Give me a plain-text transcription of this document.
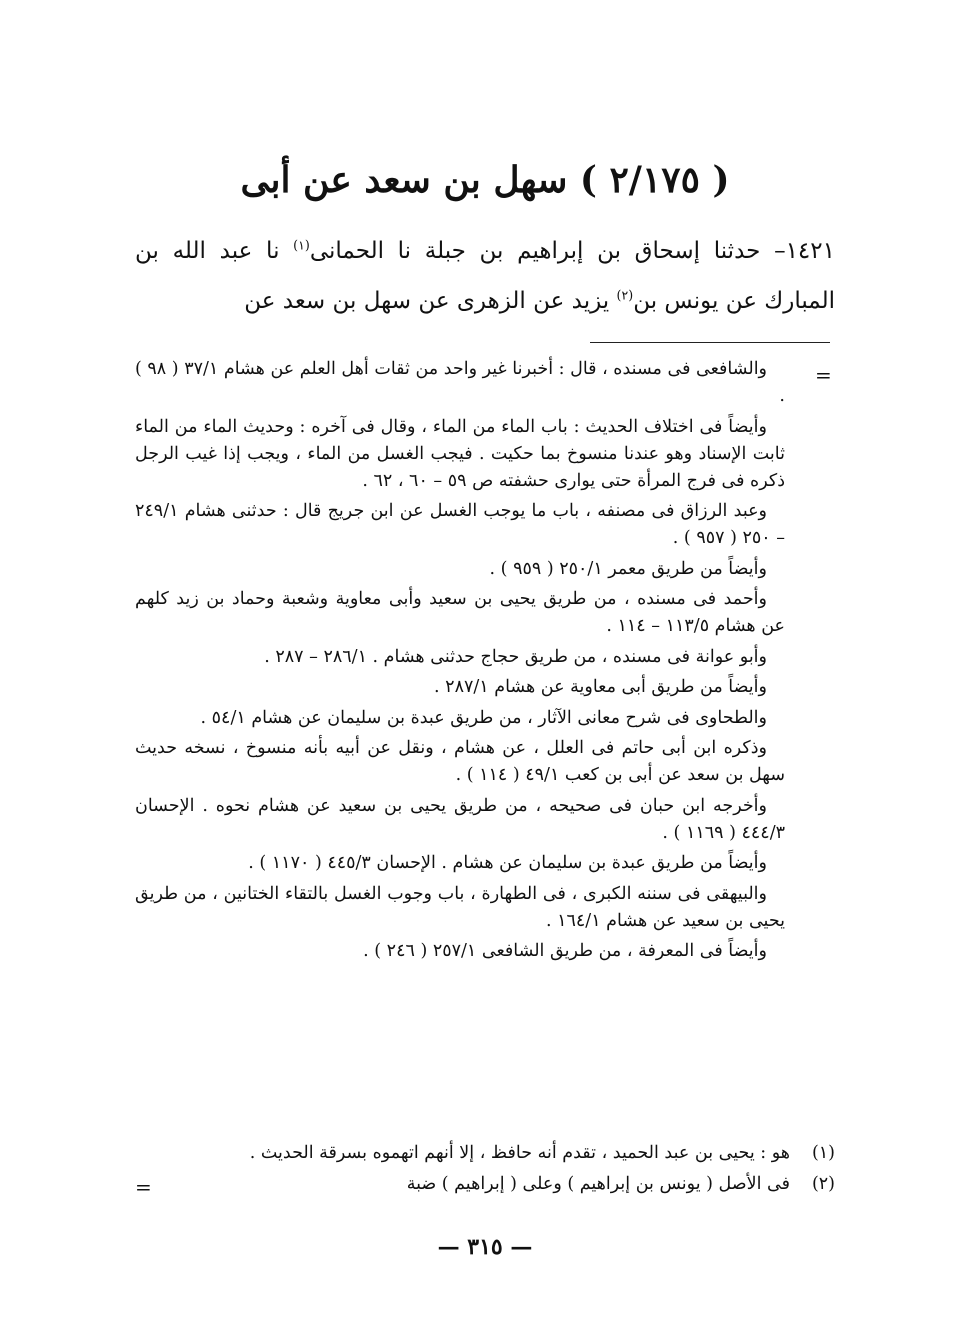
( ٢/١٧٥ ) سهل بن سعد عن أبى

١٤٢١– حدثنا إسحاق بن إبراهيم بن جبلة نا الحمانى$^{(١)}$ نا عبد الله بن المبارك عن يونس بن$^{(٢)}$ يزيد عن الزهرى عن سهل بن سعد عن

=
والشافعى فى مسنده ، قال : أخبرنا غير واحد من ثقات أهل العلم عن هشام ٣٧/١ ( ٩٨ ) .
وأيضاً فى اختلاف الحديث : باب الماء من الماء ، وقال فى آخره : وحديث الماء من الماء ثابت الإسناد وهو عندنا منسوخ بما حكيت . فيجب الغسل من الماء ، ويجب إذا غيب الرجل ذكره فى فرج المرأة حتى يوارى حشفته ص ٥٩ – ٦٠ ، ٦٢ .
وعبد الرزاق فى مصنفه ، باب ما يوجب الغسل عن ابن جريج قال : حدثنى هشام ٢٤٩/١ – ٢٥٠ ( ٩٥٧ ) .
وأيضاً من طريق معمر ٢٥٠/١ ( ٩٥٩ ) .
وأحمد فى مسنده ، من طريق يحيى بن سعيد وأبى معاوية وشعبة وحماد بن زيد كلهم عن هشام ١١٣/٥ – ١١٤ .
وأبو عوانة فى مسنده ، من طريق حجاج حدثنى هشام . ٢٨٦/١ – ٢٨٧ .
وأيضاً من طريق أبى معاوية عن هشام ٢٨٧/١ .
والطحاوى فى شرح معانى الآثار ، من طريق عبدة بن سليمان عن هشام ٥٤/١ .
وذكره ابن أبى حاتم فى العلل ، عن هشام ، ونقل عن أبيه بأنه منسوخ ، نسخه حديث سهل بن سعد عن أبى بن كعب ٤٩/١ ( ١١٤ ) .
وأخرجه ابن حبان فى صحيحه ، من طريق يحيى بن سعيد عن هشام نحوه . الإحسان ٤٤٤/٣ ( ١١٦٩ ) .
وأيضاً من طريق عبدة بن سليمان عن هشام . الإحسان ٤٤٥/٣ ( ١١٧٠ ) .
والبيهقى فى سننه الكبرى ، فى الطهارة ، باب وجوب الغسل بالتقاء الختانين ، من طريق يحيى بن سعيد عن هشام ١٦٤/١ .
وأيضاً فى المعرفة ، من طريق الشافعى ٢٥٧/١ ( ٢٤٦ ) .
(١)
هو : يحيى بن عبد الحميد ، تقدم أنه حافظ ، إلا أنهم اتهموه بسرقة الحديث .
(٢)
فى الأصل ( يونس بن إبراهيم ) وعلى ( إبراهيم ) ضبة
=
— ٣١٥ —
